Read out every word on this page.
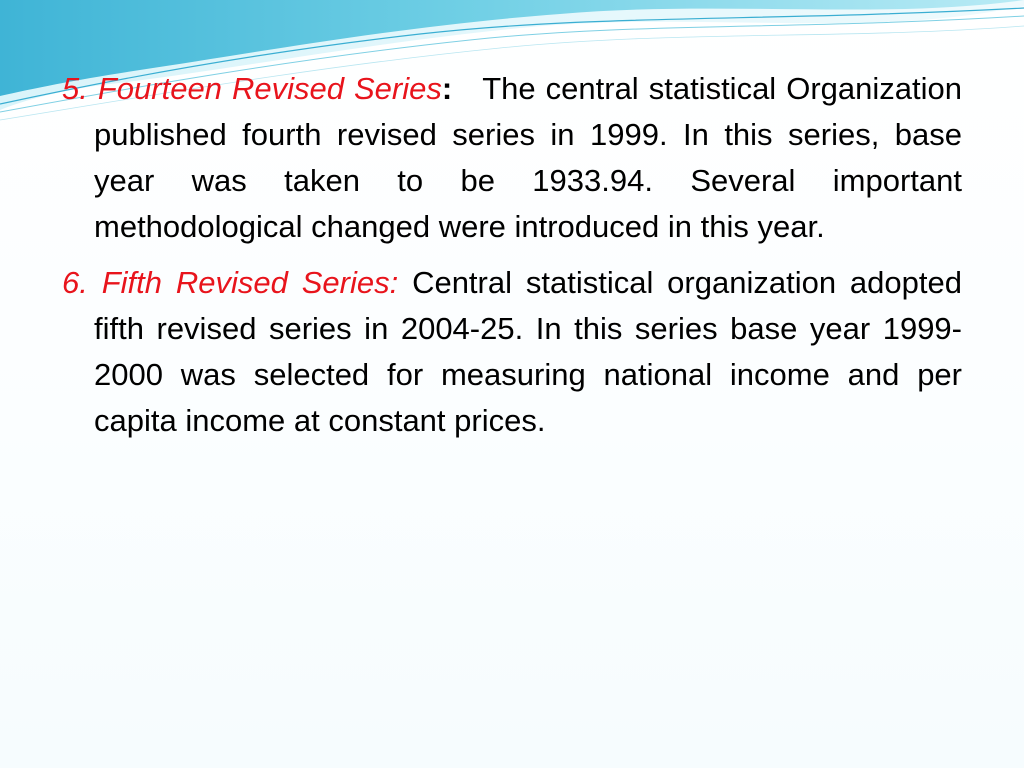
5. Fourteen Revised Series: The central statistical Organization published fourth revised series in 1999. In this series, base year was taken to be 1933.94. Several important methodological changed were introduced in this year.

6. Fifth Revised Series: Central statistical organization adopted fifth revised series in 2004-25. In this series base year 1999-2000 was selected for measuring national income and per capita income at constant prices.
